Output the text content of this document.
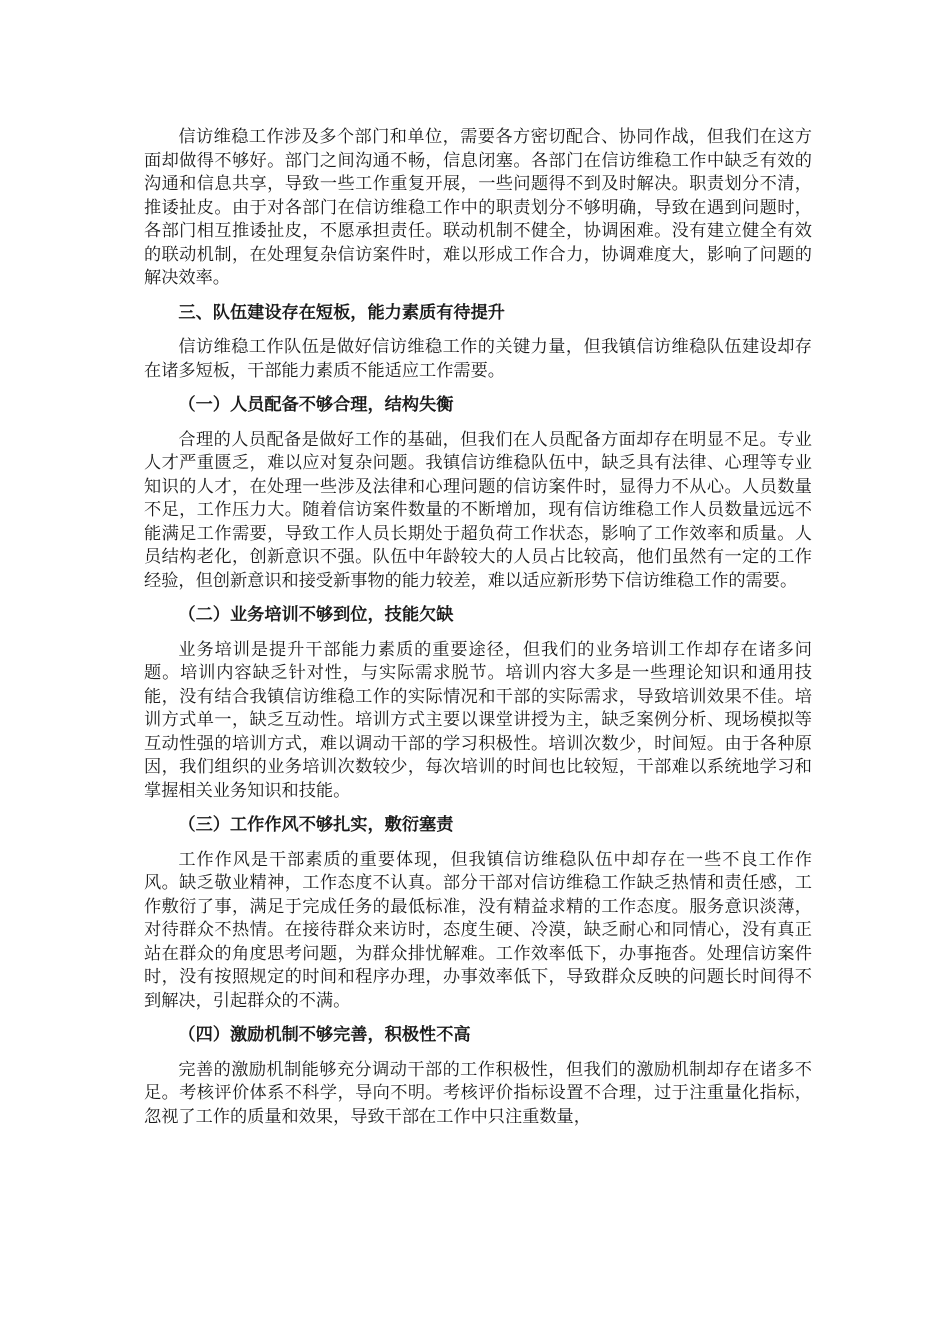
信访维稳工作涉及多个部门和单位，需要各方密切配合、协同作战，但我们在这方面却做得不够好。部门之间沟通不畅，信息闭塞。各部门在信访维稳工作中缺乏有效的沟通和信息共享，导致一些工作重复开展，一些问题得不到及时解决。职责划分不清，推诿扯皮。由于对各部门在信访维稳工作中的职责划分不够明确，导致在遇到问题时，各部门相互推诿扯皮，不愿承担责任。联动机制不健全，协调困难。没有建立健全有效的联动机制，在处理复杂信访案件时，难以形成工作合力，协调难度大，影响了问题的解决效率。

三、队伍建设存在短板，能力素质有待提升

信访维稳工作队伍是做好信访维稳工作的关键力量，但我镇信访维稳队伍建设却存在诸多短板，干部能力素质不能适应工作需要。

（一）人员配备不够合理，结构失衡

合理的人员配备是做好工作的基础，但我们在人员配备方面却存在明显不足。专业人才严重匮乏，难以应对复杂问题。我镇信访维稳队伍中，缺乏具有法律、心理等专业知识的人才，在处理一些涉及法律和心理问题的信访案件时，显得力不从心。人员数量不足，工作压力大。随着信访案件数量的不断增加，现有信访维稳工作人员数量远远不能满足工作需要，导致工作人员长期处于超负荷工作状态，影响了工作效率和质量。人员结构老化，创新意识不强。队伍中年龄较大的人员占比较高，他们虽然有一定的工作经验，但创新意识和接受新事物的能力较差，难以适应新形势下信访维稳工作的需要。

（二）业务培训不够到位，技能欠缺

业务培训是提升干部能力素质的重要途径，但我们的业务培训工作却存在诸多问题。培训内容缺乏针对性，与实际需求脱节。培训内容大多是一些理论知识和通用技能，没有结合我镇信访维稳工作的实际情况和干部的实际需求，导致培训效果不佳。培训方式单一，缺乏互动性。培训方式主要以课堂讲授为主，缺乏案例分析、现场模拟等互动性强的培训方式，难以调动干部的学习积极性。培训次数少，时间短。由于各种原因，我们组织的业务培训次数较少，每次培训的时间也比较短，干部难以系统地学习和掌握相关业务知识和技能。

（三）工作作风不够扎实，敷衍塞责

工作作风是干部素质的重要体现，但我镇信访维稳队伍中却存在一些不良工作作风。缺乏敬业精神，工作态度不认真。部分干部对信访维稳工作缺乏热情和责任感，工作敷衍了事，满足于完成任务的最低标准，没有精益求精的工作态度。服务意识淡薄，对待群众不热情。在接待群众来访时，态度生硬、冷漠，缺乏耐心和同情心，没有真正站在群众的角度思考问题，为群众排忧解难。工作效率低下，办事拖沓。处理信访案件时，没有按照规定的时间和程序办理，办事效率低下，导致群众反映的问题长时间得不到解决，引起群众的不满。

（四）激励机制不够完善，积极性不高

完善的激励机制能够充分调动干部的工作积极性，但我们的激励机制却存在诸多不足。考核评价体系不科学，导向不明。考核评价指标设置不合理，过于注重量化指标，忽视了工作的质量和效果，导致干部在工作中只注重数量，
